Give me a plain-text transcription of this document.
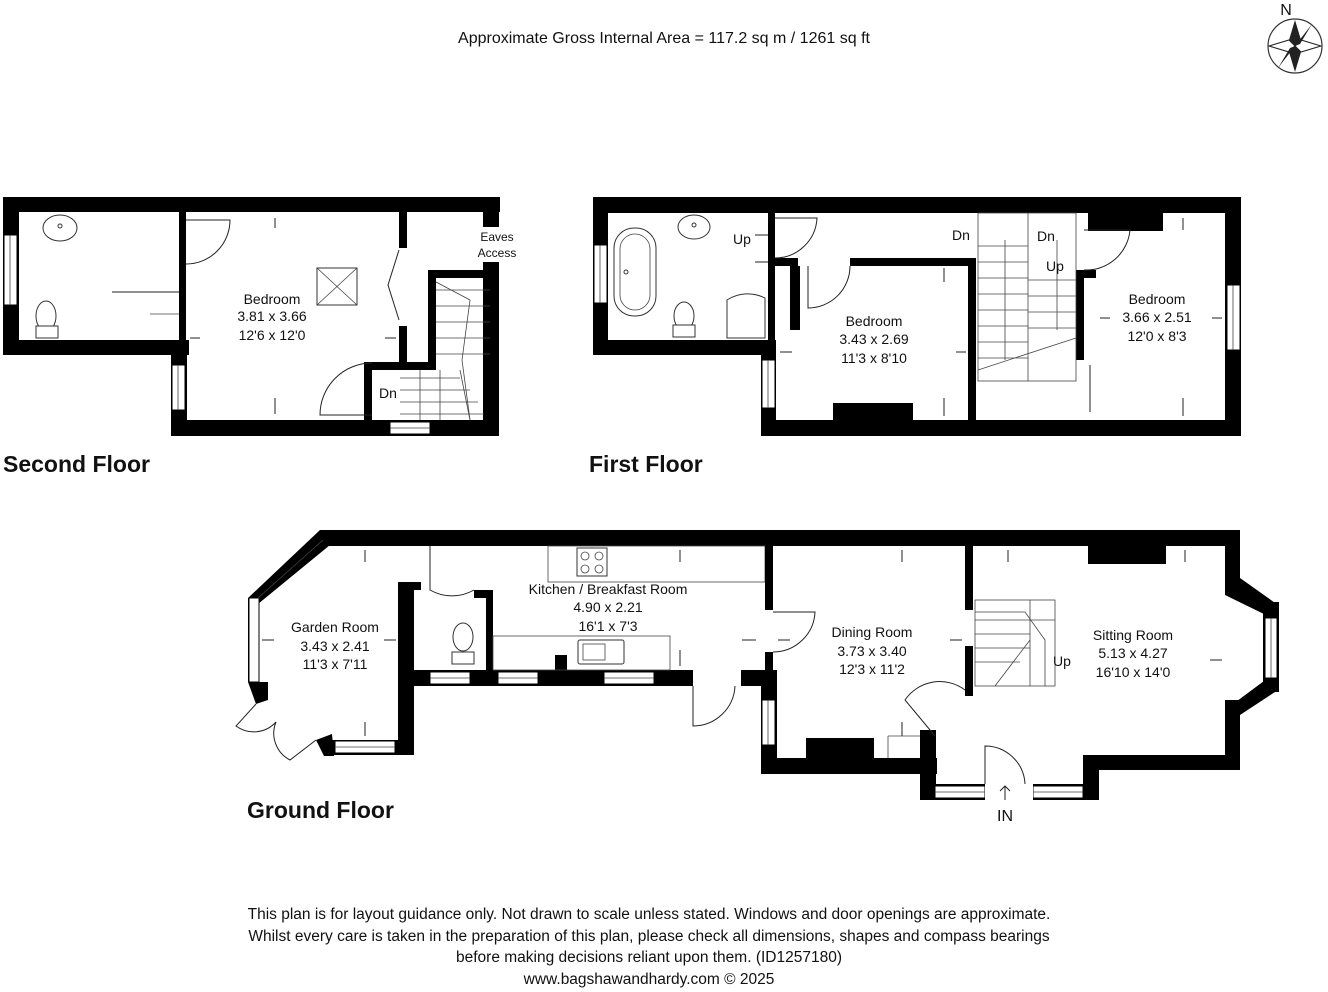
Approximate Gross Internal Area = 117.2 sq m / 1261 sq ft
N
Bedroom
3.81 x 3.66
12'6 x 12'0
Eaves
Access
Dn
Second Floor
Bedroom
3.43 x 2.69
11'3 x 8'10
Bedroom
3.66 x 2.51
12'0 x 8'3
Up	Dn	Dn
Up
First Floor
Garden Room
3.43 x 2.41
11'3 x 7'11
Kitchen / Breakfast Room
4.90 x 2.21
16'1 x 7'3	Dining Room
3.73 x 3.40
12'3 x 11'2
Sitting Room
5.13 x 4.27
16'10 x 14'0
Up
IN
Ground Floor
This plan is for layout guidance only. Not drawn to scale unless stated. Windows and door openings are approximate.
Whilst every care is taken in the preparation of this plan, please check all dimensions, shapes and compass bearings
before making decisions reliant upon them. (ID1257180)
www.bagshawandhardy.com © 2025
